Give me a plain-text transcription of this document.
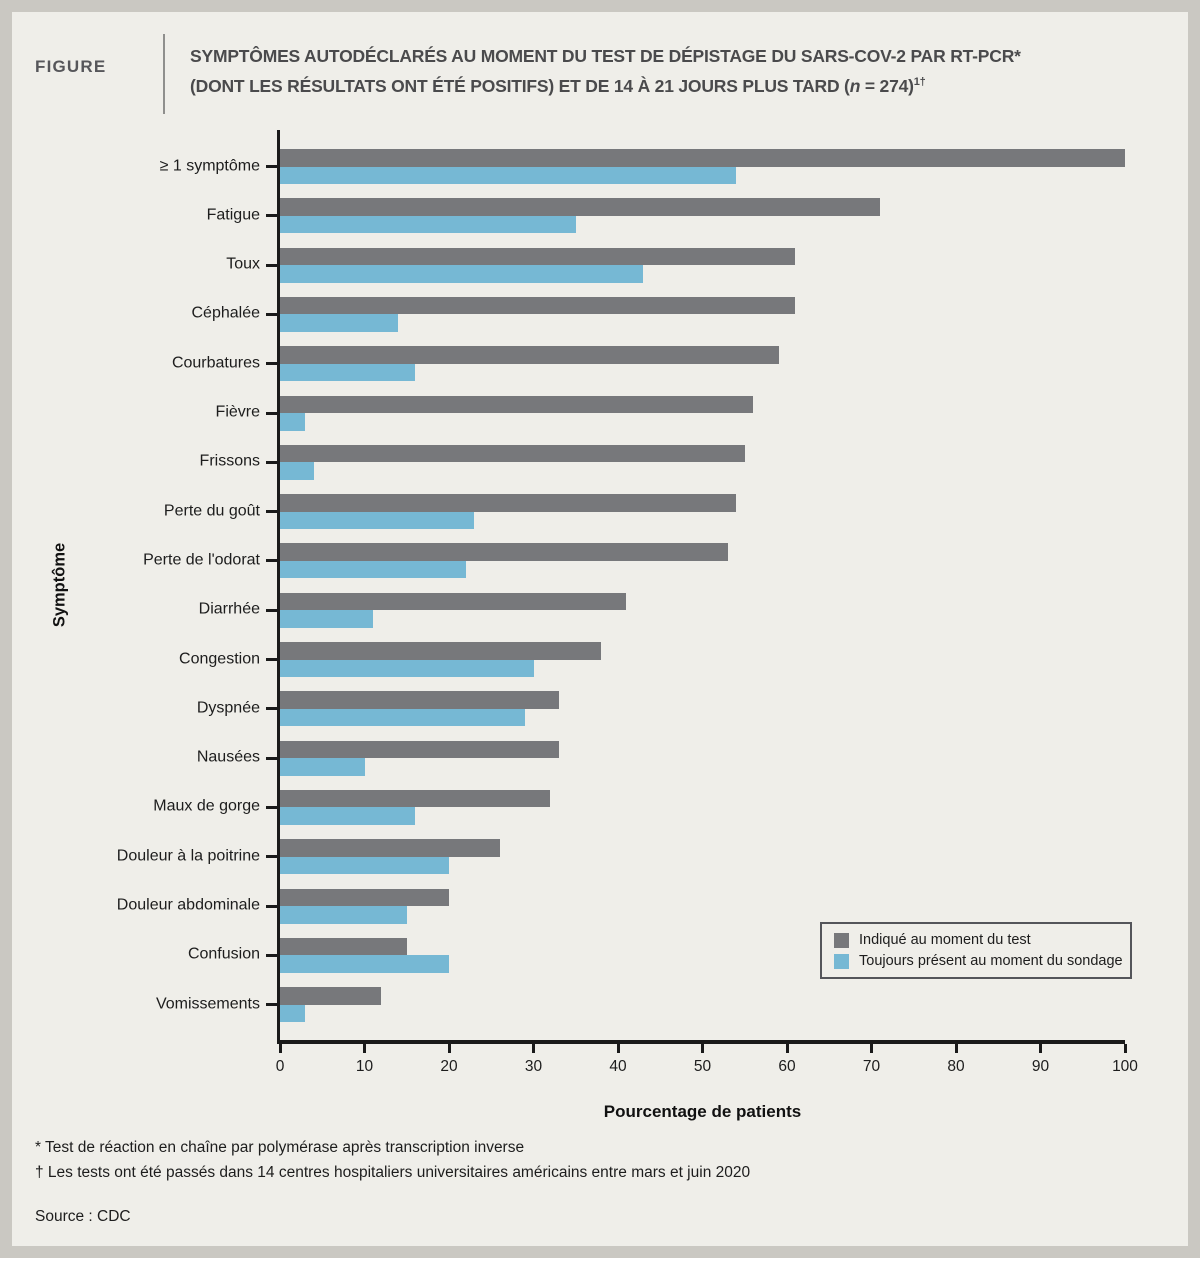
FIGURE
SYMPTÔMES AUTODÉCLARÉS AU MOMENT DU TEST DE DÉPISTAGE DU SARS-COV-2 PAR RT-PCR*
(DONT LES RÉSULTATS ONT ÉTÉ POSITIFS) ET DE 14 À 21 JOURS PLUS TARD (n = 274)$^{1\dagger}$
Symptôme
Pourcentage de patients
Indiqué au moment du test
Toujours présent au moment du sondage
≥ 1 symptôme
Fatigue
Toux
Céphalée
Courbatures
Fièvre
Frissons
Perte du goût
Perte de l'odorat
Diarrhée
Congestion
Dyspnée
Nausées
Maux de gorge
Douleur à la poitrine
Douleur abdominale
Confusion
Vomissements
0	10	20	30	40	50	60	70	80	90	100
* Test de réaction en chaîne par polymérase après transcription inverse
† Les tests ont été passés dans 14 centres hospitaliers universitaires américains entre mars et juin 2020
Source : CDC
